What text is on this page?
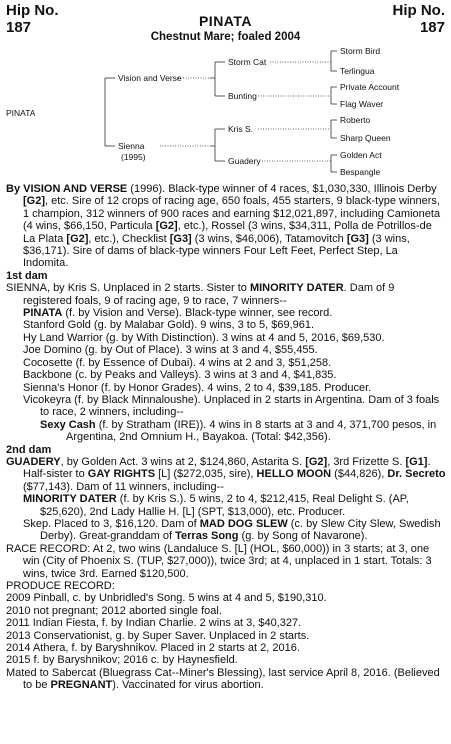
Hip No.
187
Hip No.
187
PINATA
Chestnut Mare; foaled 2004
PINATA
Vision and Verse
Sienna
(1995)
Storm Cat
Bunting
Kris S.
Guadery
Storm Bird
Terlingua
Private Account
Flag Waver
Roberto
Sharp Queen
Golden Act
Bespangle

By VISION AND VERSE (1996). Black-type winner of 4 races, $1,030,330, Illinois Derby [G2], etc. Sire of 12 crops of racing age, 650 foals, 455 starters, 9 black-type winners, 1 champion, 312 winners of 900 races and earning $12,021,897, including Camioneta (4 wins, $66,150, Particula [G2], etc.), Rossel (3 wins, $34,311, Polla de Potrillos-de La Plata [G2], etc.), Checklist [G3] (3 wins, $46,006), Tatamovitch [G3] (3 wins, $36,171). Sire of dams of black-type winners Four Left Feet, Perfect Step, La Indomita.

1st dam

SIENNA, by Kris S. Unplaced in 2 starts. Sister to MINORITY DATER. Dam of 9 registered foals, 9 of racing age, 9 to race, 7 winners--

PINATA (f. by Vision and Verse). Black-type winner, see record.

Stanford Gold (g. by Malabar Gold). 9 wins, 3 to 5, $69,961.

Hy Land Warrior (g. by With Distinction). 3 wins at 4 and 5, 2016, $69,530.

Joe Domino (g. by Out of Place). 3 wins at 3 and 4, $55,455.

Cocosette (f. by Essence of Dubai). 4 wins at 2 and 3, $51,258.

Backbone (c. by Peaks and Valleys). 3 wins at 3 and 4, $41,835.

Sienna's Honor (f. by Honor Grades). 4 wins, 2 to 4, $39,185. Producer.

Vicokeyra (f. by Black Minnaloushe). Unplaced in 2 starts in Argentina. Dam of 3 foals to race, 2 winners, including--

Sexy Cash (f. by Stratham (IRE)). 4 wins in 8 starts at 3 and 4, 371,700 pesos, in Argentina, 2nd Omnium H., Bayakoa. (Total: $42,356).

2nd dam

GUADERY, by Golden Act. 3 wins at 2, $124,860, Astarita S. [G2], 3rd Frizette S. [G1]. Half-sister to GAY RIGHTS [L] ($272,035, sire), HELLO MOON ($44,826), Dr. Secreto ($77,143). Dam of 11 winners, including--

MINORITY DATER (f. by Kris S.). 5 wins, 2 to 4, $212,415, Real Delight S. (AP, $25,620), 2nd Lady Hallie H. [L] (SPT, $13,000), etc. Producer.

Skep. Placed to 3, $16,120. Dam of MAD DOG SLEW (c. by Slew City Slew, Swedish Derby). Great-granddam of Terras Song (g. by Song of Navarone).

RACE RECORD: At 2, two wins (Landaluce S. [L] (HOL, $60,000)) in 3 starts; at 3, one win (City of Phoenix S. (TUP, $27,000)), twice 3rd; at 4, unplaced in 1 start. Totals: 3 wins, twice 3rd. Earned $120,500.

PRODUCE RECORD:

2009 Pinball, c. by Unbridled's Song. 5 wins at 4 and 5, $190,310.

2010 not pregnant; 2012 aborted single foal.

2011 Indian Fiesta, f. by Indian Charlie. 2 wins at 3, $40,327.

2013 Conservationist, g. by Super Saver. Unplaced in 2 starts.

2014 Athera, f. by Baryshnikov. Placed in 2 starts at 2, 2016.

2015 f. by Baryshnikov; 2016 c. by Haynesfield.

Mated to Sabercat (Bluegrass Cat--Miner's Blessing), last service April 8, 2016. (Believed to be PREGNANT). Vaccinated for virus abortion.
